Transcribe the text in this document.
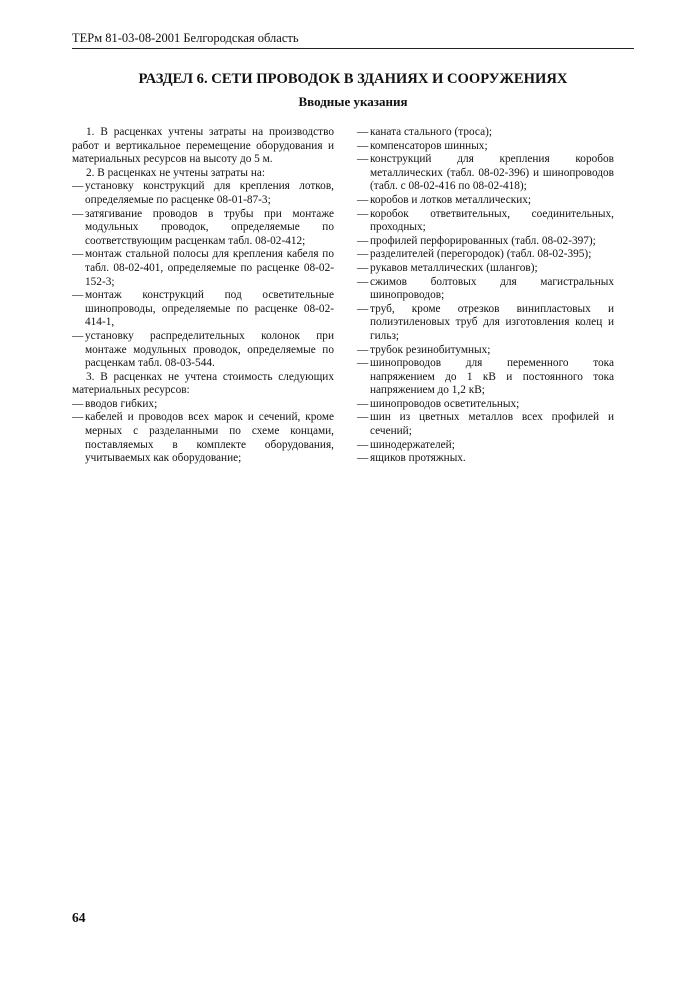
ТЕРм 81-03-08-2001 Белгородская область
РАЗДЕЛ 6. СЕТИ ПРОВОДОК В ЗДАНИЯХ И СООРУЖЕНИЯХ
Вводные указания

1. В расценках учтены затраты на производство работ и вертикальное перемещение оборудования и материальных ресурсов на высоту до 5 м.

2. В расценках не учтены затраты на:

— установку конструкций для крепления лотков, определяемые по расценке 08-01-87-3;

— затягивание проводов в трубы при монтаже модульных проводок, определяемые по соответствующим расценкам табл. 08-02-412;

— монтаж стальной полосы для крепления кабеля по табл. 08-02-401, определяемые по расценке 08-02-152-3;

— монтаж конструкций под осветительные шинопроводы, определяемые по расценке 08-02-414-1,

— установку распределительных колонок при монтаже модульных проводок, определяемые по расценкам табл. 08-03-544.

3. В расценках не учтена стоимость следующих материальных ресурсов:

— вводов гибких;

— кабелей и проводов всех марок и сечений, кроме мерных с разделанными по схеме концами, поставляемых в комплекте оборудования, учитываемых как оборудование;

— каната стального (троса);

— компенсаторов шинных;

— конструкций для крепления коробов металлических (табл. 08-02-396) и шинопроводов (табл. с 08-02-416 по 08-02-418);

— коробов и лотков металлических;

— коробок ответвительных, соединительных, проходных;

— профилей перфорированных (табл. 08-02-397);

— разделителей (перегородок) (табл. 08-02-395);

— рукавов металлических (шлангов);

— сжимов болтовых для магистральных шинопроводов;

— труб, кроме отрезков винипластовых и полиэтиленовых труб для изготовления колец и гильз;

— трубок резинобитумных;

— шинопроводов для переменного тока напряжением до 1 кВ и постоянного тока напряжением до 1,2 кВ;

— шинопроводов осветительных;

— шин из цветных металлов всех профилей и сечений;

— шинодержателей;

— ящиков протяжных.

64
